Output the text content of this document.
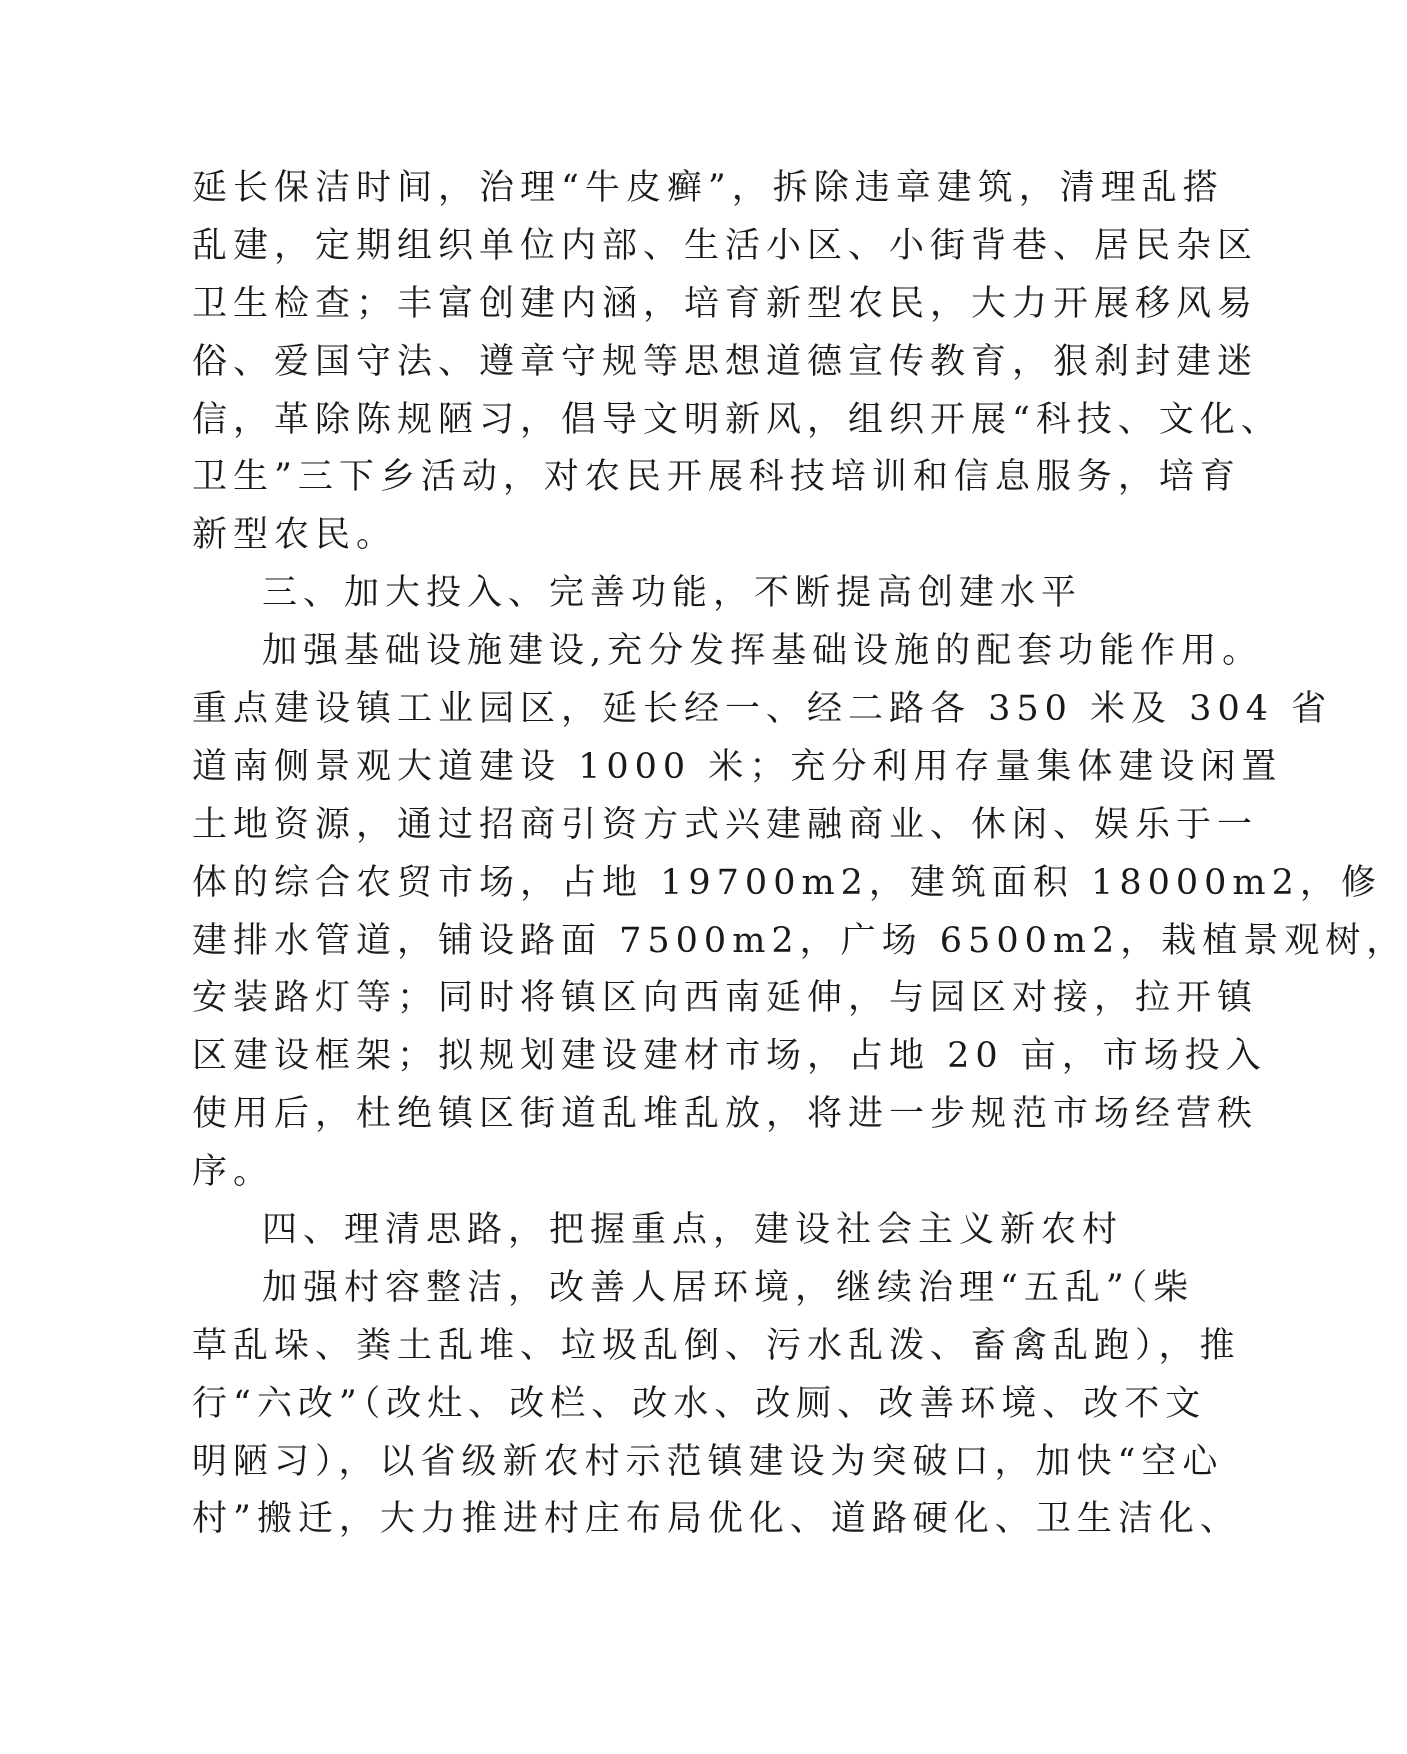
延长保洁时间，治理“牛皮癣”，拆除违章建筑，清理乱搭
乱建，定期组织单位内部、生活小区、小街背巷、居民杂区
卫生检查；丰富创建内涵，培育新型农民，大力开展移风易
俗、爱国守法、遵章守规等思想道德宣传教育，狠刹封建迷
信，革除陈规陋习，倡导文明新风，组织开展“科技、文化、
卫生”三下乡活动，对农民开展科技培训和信息服务，培育
新型农民。
三、加大投入、完善功能，不断提高创建水平
加强基础设施建设,充分发挥基础设施的配套功能作用。
重点建设镇工业园区，延长经一、经二路各 350 米及 304 省
道南侧景观大道建设 1000 米；充分利用存量集体建设闲置
土地资源，通过招商引资方式兴建融商业、休闲、娱乐于一
体的综合农贸市场，占地 19700m2，建筑面积 18000m2，修
建排水管道，铺设路面 7500m2，广场 6500m2，栽植景观树，
安装路灯等；同时将镇区向西南延伸，与园区对接，拉开镇
区建设框架；拟规划建设建材市场，占地 20 亩，市场投入
使用后，杜绝镇区街道乱堆乱放，将进一步规范市场经营秩
序。
四、理清思路，把握重点，建设社会主义新农村
加强村容整洁，改善人居环境，继续治理“五乱”（柴
草乱垛、粪土乱堆、垃圾乱倒、污水乱泼、畜禽乱跑），推
行“六改”（改灶、改栏、改水、改厕、改善环境、改不文
明陋习），以省级新农村示范镇建设为突破口，加快“空心
村”搬迁，大力推进村庄布局优化、道路硬化、卫生洁化、
